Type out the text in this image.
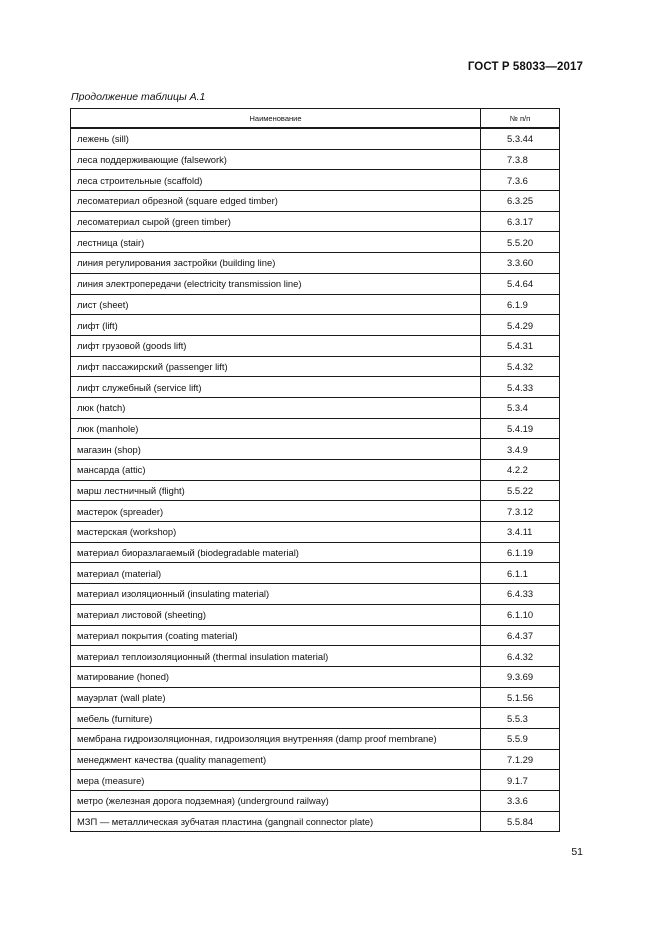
ГОСТ Р 58033—2017
Продолжение таблицы А.1
Наименование	№ п/п
лежень (sill)	5.3.44
леса поддерживающие (falsework)	7.3.8
леса строительные (scaffold)	7.3.6
лесоматериал обрезной (square edged timber)	6.3.25
лесоматериал сырой (green timber)	6.3.17
лестница (stair)	5.5.20
линия регулирования застройки (building line)	3.3.60
линия электропередачи (electricity transmission line)	5.4.64
лист (sheet)	6.1.9
лифт (lift)	5.4.29
лифт грузовой (goods lift)	5.4.31
лифт пассажирский (passenger lift)	5.4.32
лифт служебный (service lift)	5.4.33
люк (hatch)	5.3.4
люк (manhole)	5.4.19
магазин (shop)	3.4.9
мансарда (attic)	4.2.2
марш лестничный (flight)	5.5.22
мастерок (spreader)	7.3.12
мастерская (workshop)	3.4.11
материал биоразлагаемый (biodegradable material)	6.1.19
материал (material)	6.1.1
материал изоляционный (insulating material)	6.4.33
материал листовой (sheeting)	6.1.10
материал покрытия (coating material)	6.4.37
материал теплоизоляционный (thermal insulation material)	6.4.32
матирование (honed)	9.3.69
мауэрлат (wall plate)	5.1.56
мебель (furniture)	5.5.3
мембрана гидроизоляционная, гидроизоляция внутренняя (damp proof membrane)	5.5.9
менеджмент качества (quality management)	7.1.29
мера (measure)	9.1.7
метро (железная дорога подземная) (underground railway)	3.3.6
МЗП — металлическая зубчатая пластина (gangnail connector plate)	5.5.84
51
